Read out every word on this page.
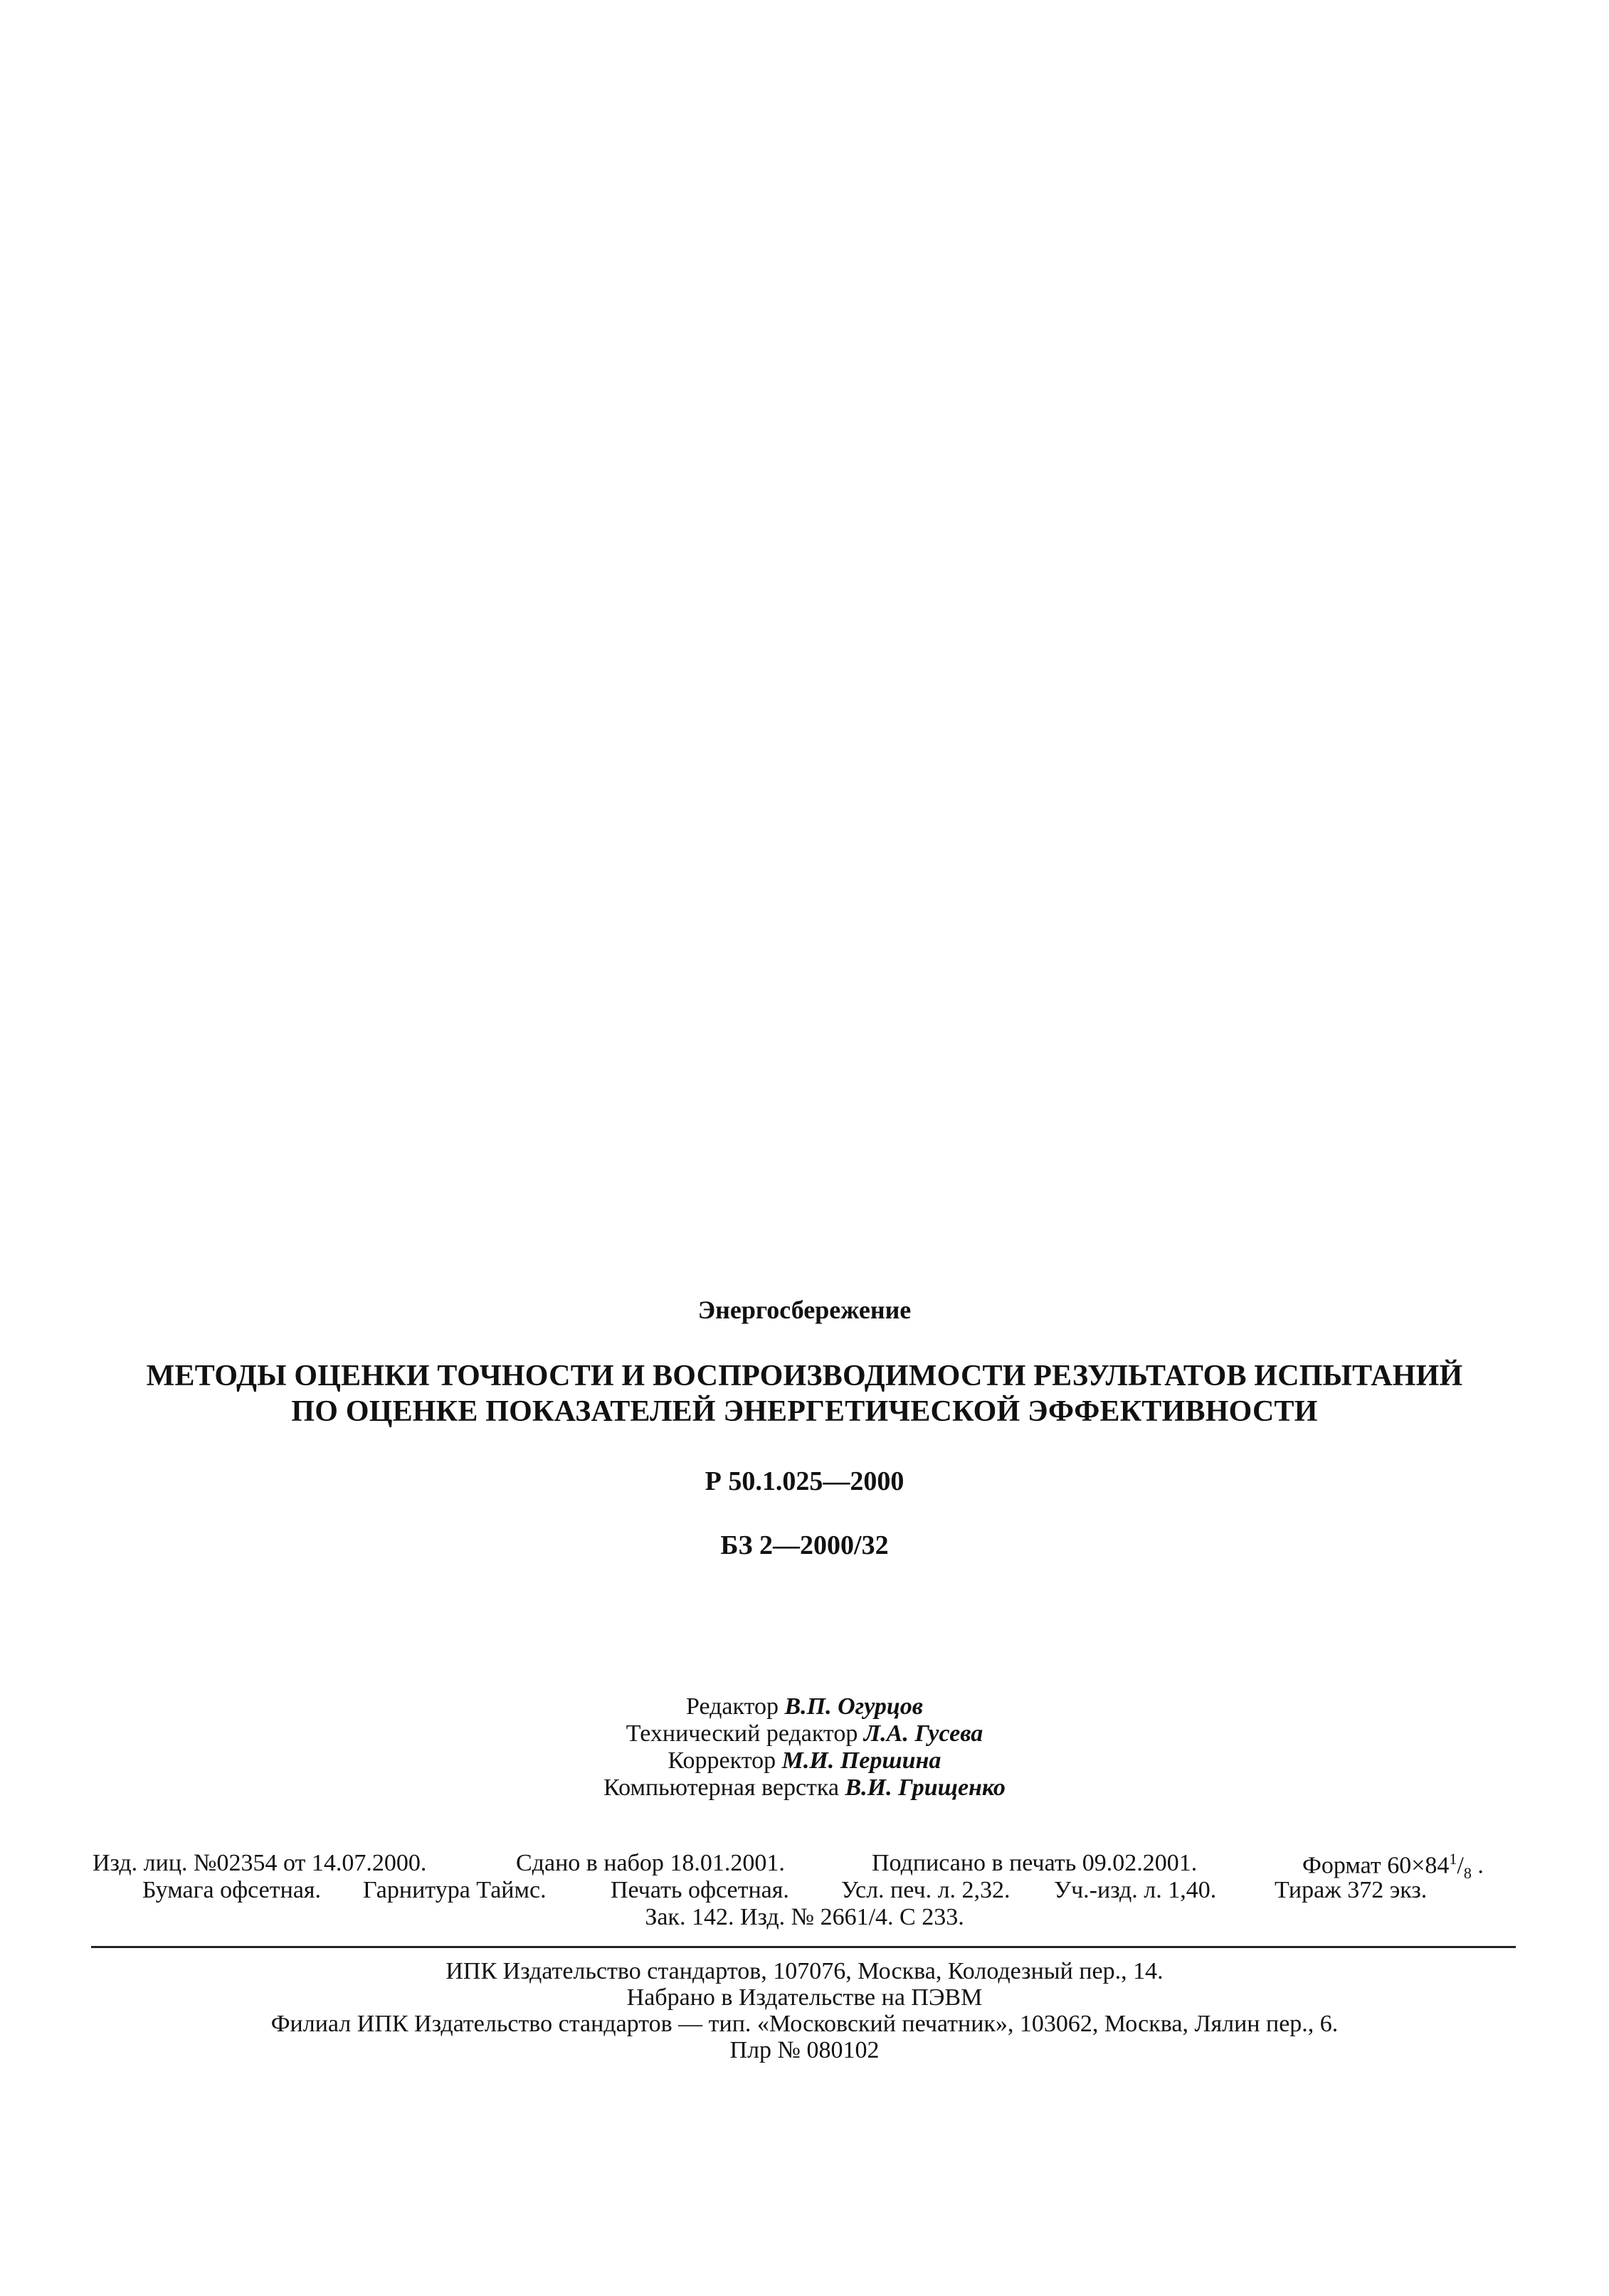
Энергосбережение
МЕТОДЫ ОЦЕНКИ ТОЧНОСТИ И ВОСПРОИЗВОДИМОСТИ РЕЗУЛЬТАТОВ ИСПЫТАНИЙ
ПО ОЦЕНКЕ ПОКАЗАТЕЛЕЙ ЭНЕРГЕТИЧЕСКОЙ ЭФФЕКТИВНОСТИ
Р 50.1.025—2000
БЗ 2—2000/32
Редактор В.П. Огурцов
Технический редактор Л.А. Гусева
Корректор М.И. Першина
Компьютерная верстка В.И. Грищенко
Изд. лиц. №02354 от 14.07.2000.	Сдано в набор 18.01.2001.	Подписано в печать 09.02.2001.	Формат $60\times 84^1/_8$ .
Бумага офсетная. Гарнитура Таймс.	Печать офсетная. Усл. печ. л. 2,32. Уч.-изд. л. 1,40. Тираж 372 экз.
Зак. 142. Изд. № 2661/4. С 233.
ИПК Издательство стандартов, 107076, Москва, Колодезный пер., 14.
Набрано в Издательстве на ПЭВМ
Филиал ИПК Издательство стандартов — тип. «Московский печатник», 103062, Москва, Лялин пер., 6.
Плр № 080102
